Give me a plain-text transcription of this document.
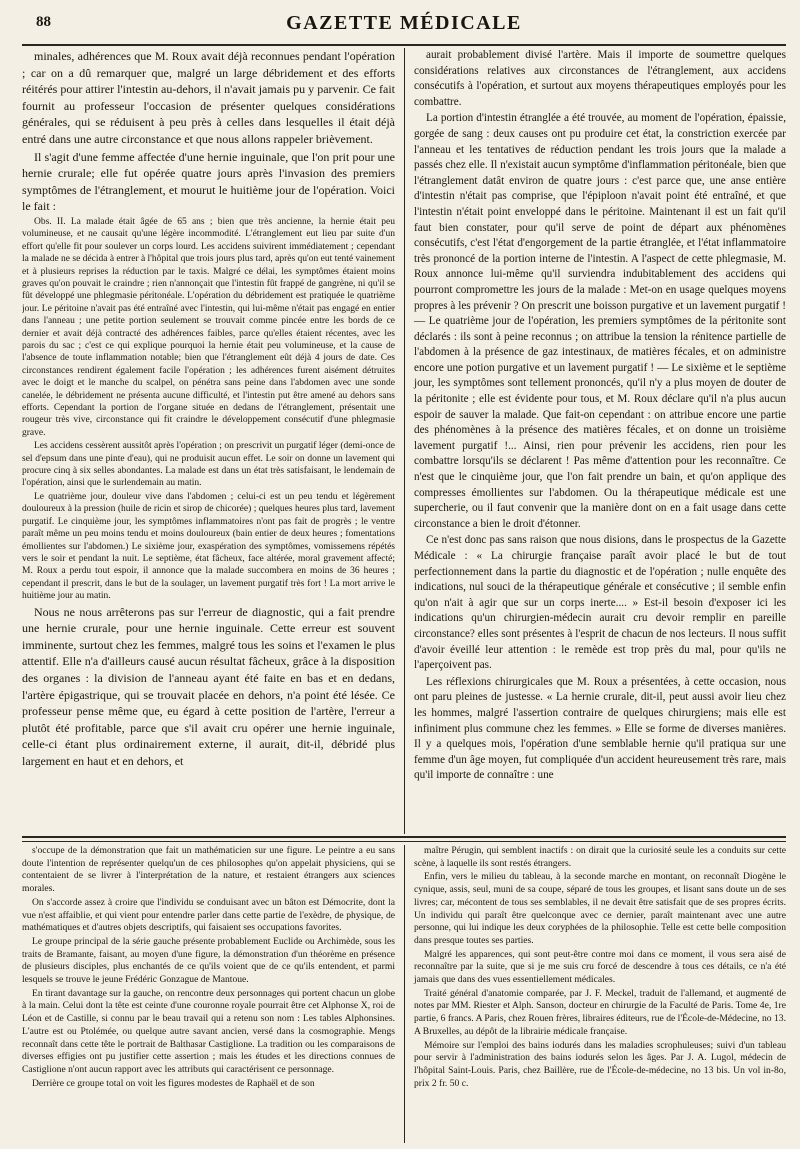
88	GAZETTE MÉDICALE

minales, adhérences que M. Roux avait déjà reconnues pendant l'opération ; car on a dû remarquer que, malgré un large débridement et des efforts réitérés pour attirer l'intestin au-dehors, il n'avait jamais pu y parvenir. Ce fait fournit au professeur l'occasion de présenter quelques considérations générales, qui se réduisent à peu près à celles dans lesquelles il était déjà entré dans une autre circonstance et que nous allons rappeler brièvement.

Il s'agit d'une femme affectée d'une hernie inguinale, que l'on prit pour une hernie crurale; elle fut opérée quatre jours après l'invasion des premiers symptômes de l'étranglement, et mourut le huitième jour de l'opération. Voici le fait :

Obs. II. La malade était âgée de 65 ans ; bien que très ancienne, la hernie était peu volumineuse, et ne causait qu'une légère incommodité. L'étranglement eut lieu par suite d'un effort qu'elle fit pour soulever un corps lourd. Les accidens suivirent immédiatement ; cependant la malade ne se décida à entrer à l'hôpital que trois jours plus tard, après qu'on eut tenté vainement et à plusieurs reprises la réduction par le taxis. Malgré ce délai, les symptômes étaient moins graves qu'on pouvait le craindre ; rien n'annonçait que l'intestin fût frappé de gangrène, ni qu'il se fût développé une phlegmasie péritonéale. L'opération du débridement est pratiquée le quatrième jour. Le péritoine n'avait pas été entraîné avec l'intestin, qui lui-même n'était pas engagé en entier dans l'anneau ; une petite portion seulement se trouvait comme pincée entre les bords de ce dernier et avait déjà contracté des adhérences faibles, parce qu'elles étaient récentes, avec les parois du sac ; c'est ce qui explique pourquoi la hernie était peu volumineuse, et la cause de l'absence de toute inflammation notable; bien que l'étranglement eût déjà 4 jours de date. Ces circonstances rendirent également facile l'opération ; les adhérences furent aisément détruites avec le doigt et le manche du scalpel, on pénétra sans peine dans l'abdomen avec une sonde canelée, le débridement ne présenta aucune difficulté, et l'intestin put être amené au dehors sans efforts. Cependant la portion de l'organe située en dedans de l'étranglement, présentait une rougeur très vive, circonstance qui fit craindre le développement consécutif d'une phlegmasie grave.

Les accidens cessèrent aussitôt après l'opération ; on prescrivit un purgatif léger (demi-once de sel d'epsum dans une pinte d'eau), qui ne produisit aucun effet. Le soir on donne un lavement qui procure cinq à six selles abondantes. La malade est dans un état très satisfaisant, le lendemain de l'opération, ainsi que le surlendemain au matin.

Le quatrième jour, douleur vive dans l'abdomen ; celui-ci est un peu tendu et légèrement douloureux à la pression (huile de ricin et sirop de chicorée) ; quelques heures plus tard, lavement purgatif. Le cinquième jour, les symptômes inflammatoires n'ont pas fait de progrès ; le ventre paraît même un peu moins tendu et moins douloureux (bain entier de deux heures ; fomentations émollientes sur l'abdomen.) Le sixième jour, exaspération des symptômes, vomissemens répétés vers le soir et pendant la nuit. Le septième, état fâcheux, face altérée, moral gravement affecté; M. Roux a perdu tout espoir, il annonce que la malade succombera en moins de 36 heures ; cependant il prescrit, dans le but de la soulager, un lavement purgatif très fort ! La mort arrive le huitième jour au matin.

Nous ne nous arrêterons pas sur l'erreur de diagnostic, qui a fait prendre une hernie crurale, pour une hernie inguinale. Cette erreur est souvent imminente, surtout chez les femmes, malgré tous les soins et l'examen le plus attentif. Elle n'a d'ailleurs causé aucun résultat fâcheux, grâce à la disposition des organes : la division de l'anneau ayant été faite en bas et en dedans, l'artère épigastrique, qui se trouvait placée en dehors, n'a point été lésée. Ce professeur pense même que, eu égard à cette position de l'artère, l'erreur a plutôt été profitable, parce que s'il avait cru opérer une hernie inguinale, celle-ci étant plus ordinairement externe, il aurait, dit-il, débridé plus largement en haut et en dehors, et

aurait probablement divisé l'artère. Mais il importe de soumettre quelques considérations relatives aux circonstances de l'étranglement, aux accidens consécutifs à l'opération, et surtout aux moyens thérapeutiques employés pour les combattre.

La portion d'intestin étranglée a été trouvée, au moment de l'opération, épaissie, gorgée de sang : deux causes ont pu produire cet état, la constriction exercée par l'anneau et les tentatives de réduction pendant les trois jours que la malade a passés chez elle. Il n'existait aucun symptôme d'inflammation péritonéale, bien que l'étranglement datât environ de quatre jours : c'est parce que, une anse entière d'intestin n'était pas comprise, que l'épiploon n'avait point été entraîné, et que l'intestin n'était point enveloppé dans le péritoine. Maintenant il est un fait qu'il faut bien constater, pour qu'il serve de point de départ aux phénomènes consécutifs, c'est l'état d'engorgement de la partie étranglée, et l'état inflammatoire très prononcé de la portion interne de l'intestin. A l'aspect de cette phlegmasie, M. Roux annonce lui-même qu'il surviendra indubitablement des accidens qui pourront compromettre les jours de la malade : Met-on en usage quelques moyens propres à les prévenir ? On prescrit une boisson purgative et un lavement purgatif ! — Le quatrième jour de l'opération, les premiers symptômes de la péritonite sont déclarés : ils sont à peine reconnus ; on attribue la tension la rénitence partielle de l'abdomen à la présence de gaz intestinaux, de matières fécales, et on administre encore une potion purgative et un lavement purgatif ! — Le sixième et le septième jour, les symptômes sont tellement prononcés, qu'il n'y a plus moyen de douter de la péritonite ; elle est évidente pour tous, et M. Roux déclare qu'il n'a plus aucun espoir de sauver la malade. Que fait-on cependant : on attribue encore une partie des phénomènes à la présence des matières fécales, et on donne un troisième lavement purgatif !... Ainsi, rien pour prévenir les accidens, rien pour les combattre lorsqu'ils se déclarent ! Pas même d'attention pour les reconnaître. Ce n'est que le cinquième jour, que l'on fait prendre un bain, et qu'on applique des compresses émollientes sur l'abdomen. Ou la thérapeutique médicale est une supercherie, ou il faut convenir que la manière dont on en a fait usage dans cette circonstance a bien le droit d'étonner.

Ce n'est donc pas sans raison que nous disions, dans le prospectus de la Gazette Médicale : « La chirurgie française paraît avoir placé le but de tout perfectionnement dans la partie du diagnostic et de l'opération ; nulle enquête des indications, nul souci de la thérapeutique générale et consécutive ; il semble enfin qu'on n'ait à agir que sur un corps inerte.... » Est-il besoin d'exposer ici les indications qu'un chirurgien-médecin aurait cru devoir remplir en pareille circonstance? elles sont présentes à l'esprit de chacun de nos lecteurs. Il nous suffit d'avoir éveillé leur attention : le remède est trop près du mal, pour qu'ils ne l'aperçoivent pas.

Les réflexions chirurgicales que M. Roux a présentées, à cette occasion, nous ont paru pleines de justesse. « La hernie crurale, dit-il, peut aussi avoir lieu chez les hommes, malgré l'assertion contraire de quelques chirurgiens; mais elle est infiniment plus commune chez les femmes. » Elle se forme de diverses manières. Il y a quelques mois, l'opération d'une semblable hernie qu'il pratiqua sur une femme d'un âge moyen, fut compliquée d'un accident heureusement très rare, mais qu'il importe de connaître : une

s'occupe de la démonstration que fait un mathématicien sur une figure. Le peintre a eu sans doute l'intention de représenter quelqu'un de ces philosophes qu'on appelait physiciens, qui se contentaient de se livrer à l'interprétation de la nature, et restaient étrangers aux sciences morales.

On s'accorde assez à croire que l'individu se conduisant avec un bâton est Démocrite, dont la vue n'est affaiblie, et qui vient pour entendre parler dans cette partie de l'exèdre, de physique, de mathématiques et d'autres objets descriptifs, qui faisaient ses occupations favorites.

Le groupe principal de la série gauche présente probablement Euclide ou Archimède, sous les traits de Bramante, faisant, au moyen d'une figure, la démonstration d'un théorème en présence de plusieurs disciples, plus enchantés de ce qu'ils voient que de ce qu'ils entendent, et parmi lesquels se trouve le jeune Frédéric Gonzague de Mantoue.

En tirant davantage sur la gauche, on rencontre deux personnages qui portent chacun un globe à la main. Celui dont la tête est ceinte d'une couronne royale pourrait être cet Alphonse X, roi de Léon et de Castille, si connu par le beau travail qui a retenu son nom : Les tables Alphonsines. L'autre est ou Ptolémée, ou quelque autre savant ancien, versé dans la cosmographie. Mengs reconnaît dans cette tête le portrait de Balthasar Castiglione. La tradition ou les comparaisons de diverses effigies ont pu justifier cette assertion ; mais les études et les directions connues de Castiglione n'ont aucun rapport avec les attributs qui caractérisent ce personnage.

Derrière ce groupe total on voit les figures modestes de Raphaël et de son

maître Pérugin, qui semblent inactifs : on dirait que la curiosité seule les a conduits sur cette scène, à laquelle ils sont restés étrangers.

Enfin, vers le milieu du tableau, à la seconde marche en montant, on reconnaît Diogène le cynique, assis, seul, muni de sa coupe, séparé de tous les groupes, et lisant sans doute un de ses livres; car, mécontent de tous ses semblables, il ne devait être satisfait que de ses propres écrits. Un individu qui paraît être quelconque avec ce dernier, paraît maintenant avec une autre personne, qui lui indique les deux coryphées de la philosophie. Telle est cette belle composition dans presque toutes ses parties.

Malgré les apparences, qui sont peut-être contre moi dans ce moment, il vous sera aisé de reconnaître par la suite, que si je me suis cru forcé de descendre à tous ces détails, ce n'a été jamais que dans des vues essentiellement médicales.

Traité général d'anatomie comparée, par J. F. Meckel, traduit de l'allemand, et augmenté de notes par MM. Riester et Alph. Sanson, docteur en chirurgie de la Faculté de Paris. Tome 4e, 1re partie, 6 francs. A Paris, chez Rouen frères, libraires éditeurs, rue de l'École-de-Médecine, no 13. A Bruxelles, au dépôt de la librairie médicale française.

Mémoire sur l'emploi des bains iodurés dans les maladies scrophuleuses; suivi d'un tableau pour servir à l'administration des bains iodurés selon les âges. Par J. A. Lugol, médecin de l'hôpital Saint-Louis. Paris, chez Baillère, rue de l'École-de-médecine, no 13 bis. Un vol in-8o, prix 2 fr. 50 c.
